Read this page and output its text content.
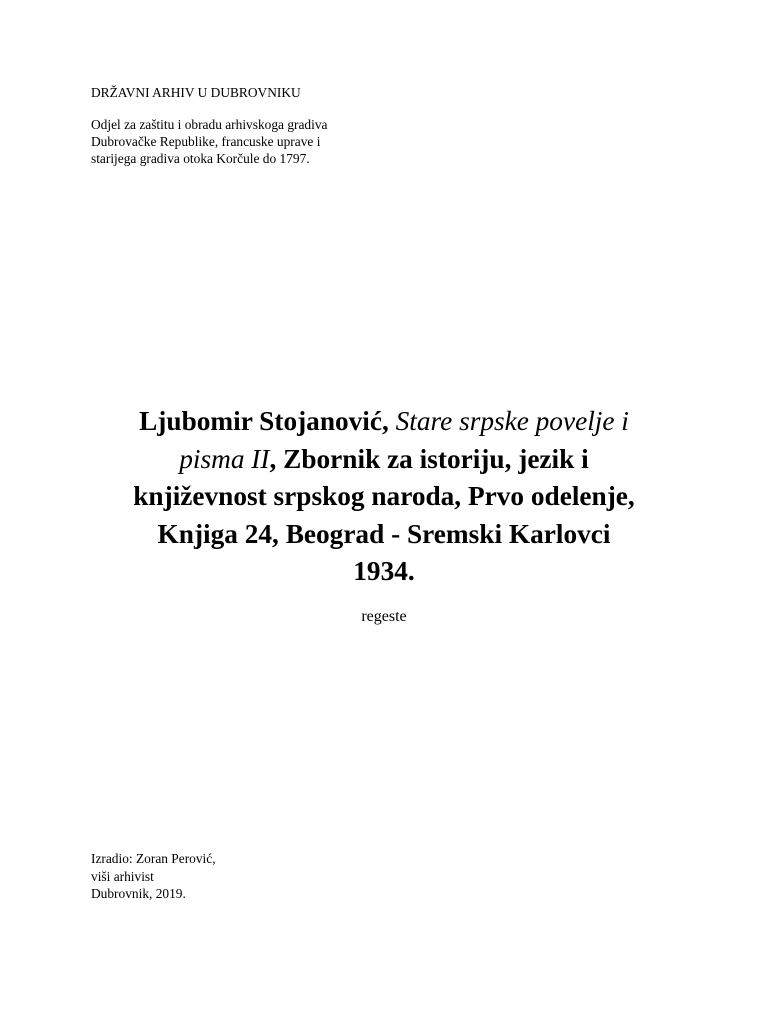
DRŽAVNI ARHIV U DUBROVNIKU
Odjel za zaštitu i obradu arhivskoga gradiva
Dubrovačke Republike, francuske uprave i
starijega gradiva otoka Korčule do 1797.
Ljubomir Stojanović, Stare srpske povelje i
pisma II, Zbornik za istoriju, jezik i
književnost srpskog naroda, Prvo odelenje,
Knjiga 24, Beograd - Sremski Karlovci
1934.
regeste
Izradio: Zoran Perović,
viši arhivist
Dubrovnik, 2019.
